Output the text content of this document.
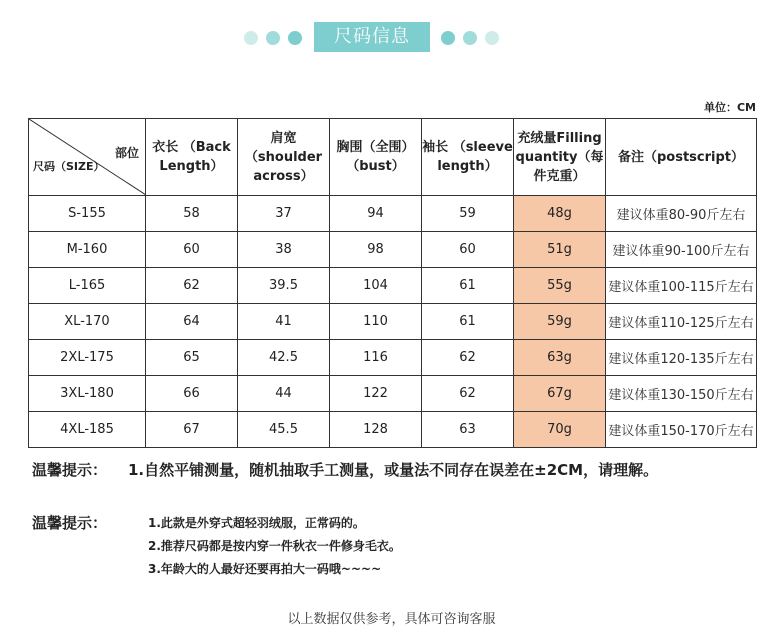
尺码信息
单位：CM
部位
尺码（SIZE）	衣长 （Back Length）	肩宽 （shoulder across）	胸围（全围）（bust）	袖长 （sleeve length）	充绒量Filling quantity（每件克重）	备注（postscript）
S-155	58	37	94	59	48g	建议体重80-90斤左右
M-160	60	38	98	60	51g	建议体重90-100斤左右
L-165	62	39.5	104	61	55g	建议体重100-115斤左右
XL-170	64	41	110	61	59g	建议体重110-125斤左右
2XL-175	65	42.5	116	62	63g	建议体重120-135斤左右
3XL-180	66	44	122	62	67g	建议体重130-150斤左右
4XL-185	67	45.5	128	63	70g	建议体重150-170斤左右
温馨提示： 1.自然平铺测量，随机抽取手工测量，或量法不同存在误差在±2CM，请理解。
温馨提示：	1.此款是外穿式超轻羽绒服，正常码的。
2.推荐尺码都是按内穿一件秋衣一件修身毛衣。
3.年龄大的人最好还要再拍大一码哦~~~~
以上数据仅供参考，具体可咨询客服
